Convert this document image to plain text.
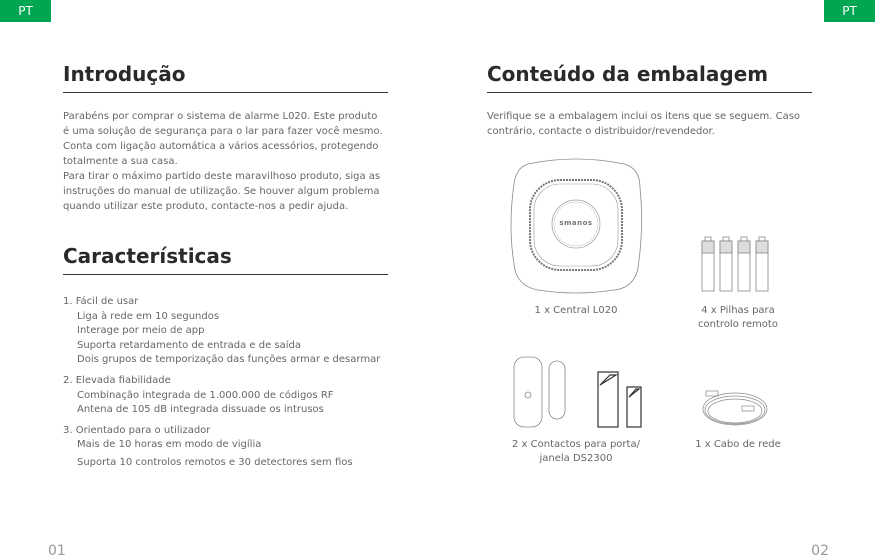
PT	PT
Introdução
Parabéns por comprar o sistema de alarme L020. Este produto
é uma solução de segurança para o lar para fazer você mesmo.
Conta com ligação automática a vários acessórios, protegendo
totalmente a sua casa.
Para tirar o máximo partido deste maravilhoso produto, siga as
instruções do manual de utilização. Se houver algum problema
quando utilizar este produto, contacte-nos a pedir ajuda.
Características
1. Fácil de usar
Liga à rede em 10 segundos
Interage por meio de app
Suporta retardamento de entrada e de saída
Dois grupos de temporização das funções armar e desarmar
2. Elevada fiabilidade
Combinação integrada de 1.000.000 de códigos RF
Antena de 105 dB integrada dissuade os intrusos
3. Orientado para o utilizador
Mais de 10 horas em modo de vigília
Suporta 10 controlos remotos e 30 detectores sem fios
Conteúdo da embalagem
Verifique se a embalagem inclui os itens que se seguem. Caso
contrário, contacte o distribuidor/revendedor.
smanos
1 x Central L020	4 x Pilhas para
controlo remoto
2 x Contactos para porta/
janela DS2300
1 x Cabo de rede
01	02
